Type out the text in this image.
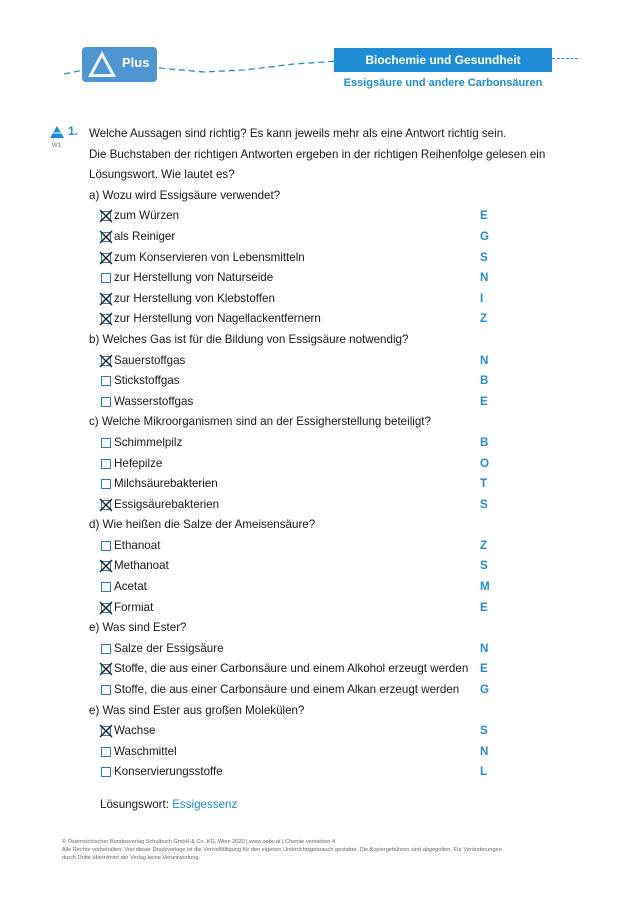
Plus	Biochemie und Gesundheit
Essigsäure und andere Carbonsäuren
1.
W1
Welche Aussagen sind richtig? Es kann jeweils mehr als eine Antwort richtig sein.
Die Buchstaben der richtigen Antworten ergeben in der richtigen Reihenfolge gelesen ein
Lösungswort. Wie lautet es?
a) Wozu wird Essigsäure verwendet?
zum Würzen	E
als Reiniger	G
zum Konservieren von Lebensmitteln	S
zur Herstellung von Naturseide	N
zur Herstellung von Klebstoffen	I
zur Herstellung von Nagellackentfernern	Z
b) Welches Gas ist für die Bildung von Essigsäure notwendig?
Sauerstoffgas	N
Stickstoffgas	B
Wasserstoffgas	E
c) Welche Mikroorganismen sind an der Essigherstellung beteiligt?
Schimmelpilz	B
Hefepilze	O
Milchsäurebakterien	T
Essigsäurebakterien	S
d) Wie heißen die Salze der Ameisensäure?
Ethanoat	Z
Methanoat	S
Acetat	M
Formiat	E
e) Was sind Ester?
Salze der Essigsäure	N
Stoffe, die aus einer Carbonsäure und einem Alkohol erzeugt werden E
Stoffe, die aus einer Carbonsäure und einem Alkan erzeugt werden G
e) Was sind Ester aus großen Molekülen?
Wachse	S
Waschmittel	N
Konservierungsstoffe	L
Lösungswort: Essigessenz
© Österreichischer Bundesverlag Schulbuch GmbH & Co. KG, Wien 2020 | www.oebv.at | Chemie verstehen 4
Alle Rechte vorbehalten. Von dieser Druckvorlage ist die Vervielfältigung für den eigenen Unterrichtsgebrauch gestattet. Die Kopiergebühren sind abgegolten. Für Veränderungen
durch Dritte übernimmt der Verlag keine Verantwortung.
